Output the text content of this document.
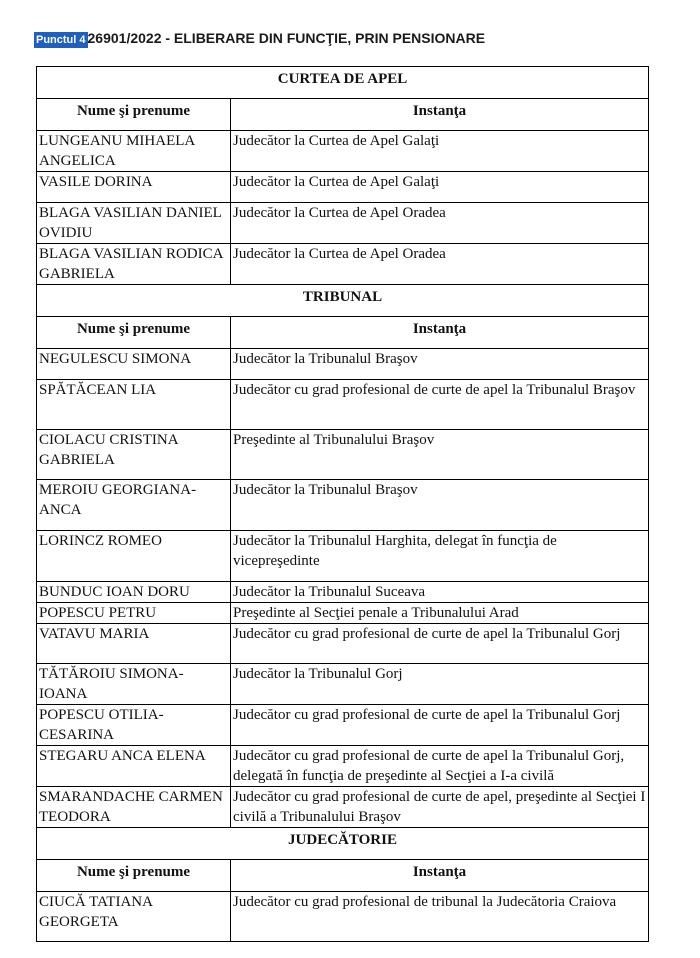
Punctul 4 26901/2022 - ELIBERARE DIN FUNCŢIE, PRIN PENSIONARE
CURTEA DE APEL	
Nume şi prenume	Instanţa
LUNGEANU MIHAELA ANGELICA	Judecător la Curtea de Apel Galaţi
VASILE DORINA	Judecător la Curtea de Apel Galaţi
BLAGA VASILIAN DANIEL OVIDIU	Judecător la Curtea de Apel Oradea
BLAGA VASILIAN RODICA GABRIELA	Judecător la Curtea de Apel Oradea
TRIBUNAL	
Nume şi prenume	Instanţa
NEGULESCU SIMONA	Judecător la Tribunalul Braşov
SPĂTĂCEAN LIA	Judecător cu grad profesional de curte de apel la Tribunalul Braşov
CIOLACU CRISTINA GABRIELA	Preşedinte al Tribunalului Braşov
MEROIU GEORGIANA-ANCA	Judecător la Tribunalul Braşov
LORINCZ ROMEO	Judecător la Tribunalul Harghita, delegat în funcţia de vicepreşedinte
BUNDUC IOAN DORU	Judecător la Tribunalul Suceava
POPESCU PETRU	Preşedinte al Secţiei penale a Tribunalului Arad
VATAVU MARIA	Judecător cu grad profesional de curte de apel la Tribunalul Gorj
TĂTĂROIU SIMONA-IOANA	Judecător la Tribunalul Gorj
POPESCU OTILIA-CESARINA	Judecător cu grad profesional de curte de apel la Tribunalul Gorj
STEGARU ANCA ELENA	Judecător cu grad profesional de curte de apel la Tribunalul Gorj, delegată în funcţia de preşedinte al Secţiei a I-a civilă
SMARANDACHE CARMEN TEODORA	Judecător cu grad profesional de curte de apel, preşedinte al Secţiei I civilă a Tribunalului Braşov
JUDECĂTORIE	
Nume şi prenume	Instanţa
CIUCĂ TATIANA GEORGETA	Judecător cu grad profesional de tribunal la Judecătoria Craiova
